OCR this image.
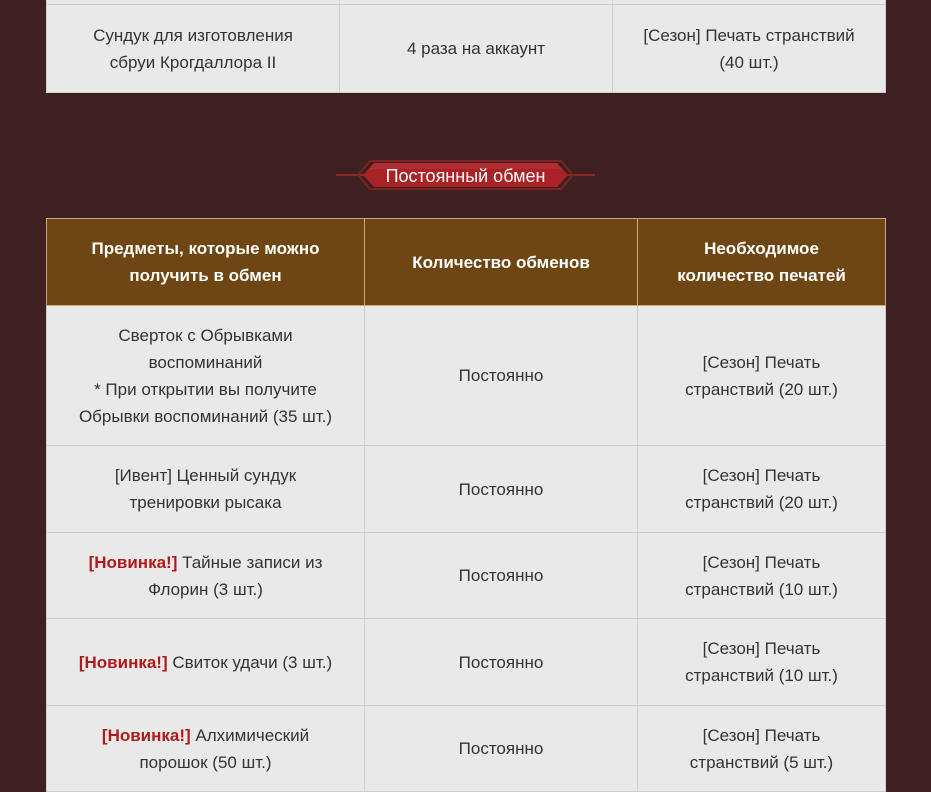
Сундук для изготовления
сбруи Крогдаллора II	4 раза на аккаунт	[Сезон] Печать странствий
(40 шт.)
Постоянный обмен
Предметы, которые можно
получить в обмен	Количество обменов	Необходимое
количество печатей

Сверток с Обрывками
воспоминаний
* При открытии вы получите
Обрывки воспоминаний (35 шт.)	Постоянно	[Сезон] Печать
странствий (20 шт.)

[Ивент] Ценный сундук
тренировки рысака	Постоянно	[Сезон] Печать
странствий (20 шт.)

[Новинка!] Тайные записи из
Флорин (3 шт.)	Постоянно	[Сезон] Печать
странствий (10 шт.)

[Новинка!] Свиток удачи (3 шт.)	Постоянно	[Сезон] Печать
странствий (10 шт.)

[Новинка!] Алхимический
порошок (50 шт.)	Постоянно	[Сезон] Печать
странствий (5 шт.)
